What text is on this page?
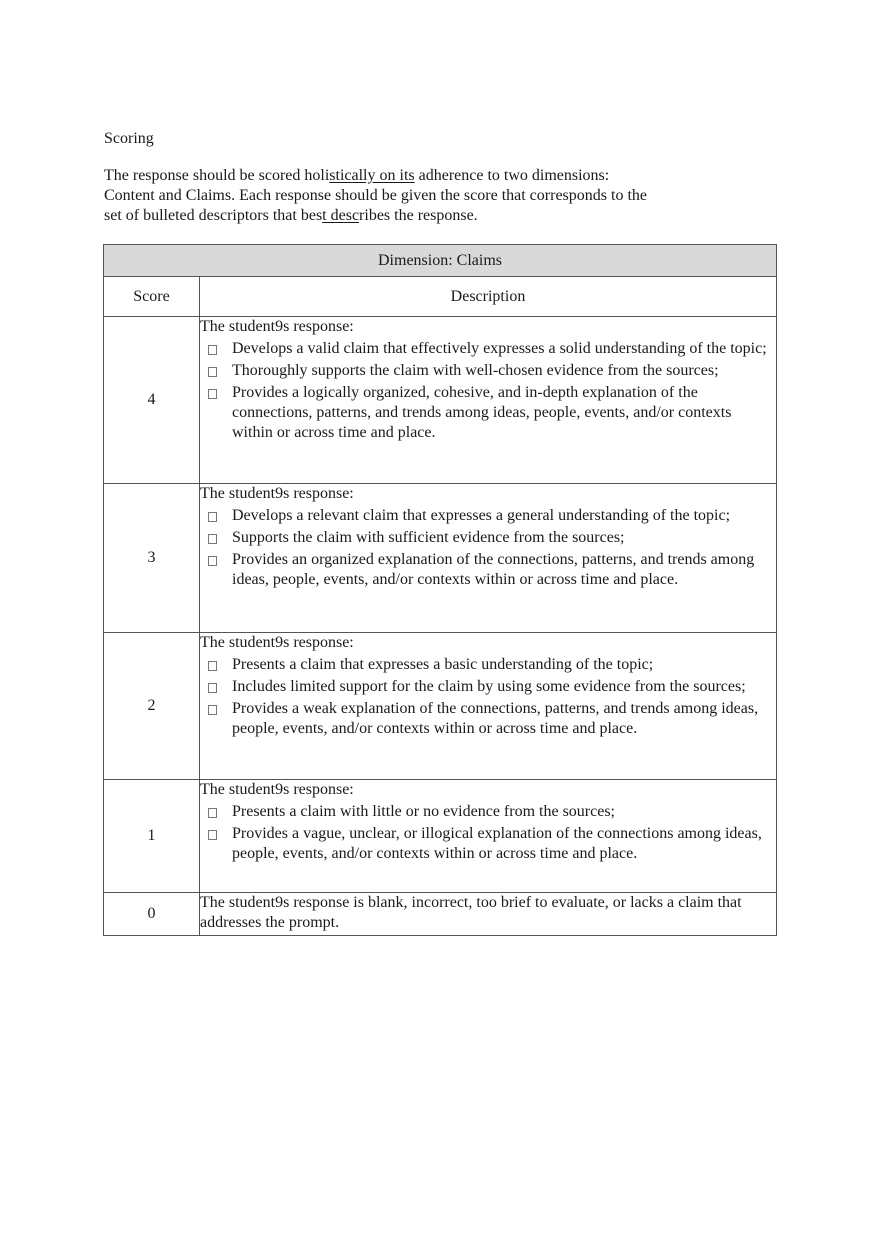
Scoring
The response should be scored holistically on its adherence to two dimensions:
Content and Claims. Each response should be given the score that corresponds to the
set of bulleted descriptors that best describes the response.
Dimension: Claims	
Score	Description
4	The student9s response:
Develops a valid claim that effectively expresses a solid understanding of the topic;
Thoroughly supports the claim with well-chosen evidence from the sources;
Provides a logically organized, cohesive, and in-depth explanation of the connections, patterns, and trends among ideas, people, events, and/or contexts within or across time and place.

3	The student9s response:
Develops a relevant claim that expresses a general understanding of the topic;
Supports the claim with sufficient evidence from the sources;
Provides an organized explanation of the connections, patterns, and trends among ideas, people, events, and/or contexts within or across time and place.

2	The student9s response:
Presents a claim that expresses a basic understanding of the topic;
Includes limited support for the claim by using some evidence from the sources;
Provides a weak explanation of the connections, patterns, and trends among ideas, people, events, and/or contexts within or across time and place.

1	The student9s response:
Presents a claim with little or no evidence from the sources;
Provides a vague, unclear, or illogical explanation of the connections among ideas, people, events, and/or contexts within or across time and place.

0	The student9s response is blank, incorrect, too brief to evaluate, or lacks a claim that addresses the prompt.
